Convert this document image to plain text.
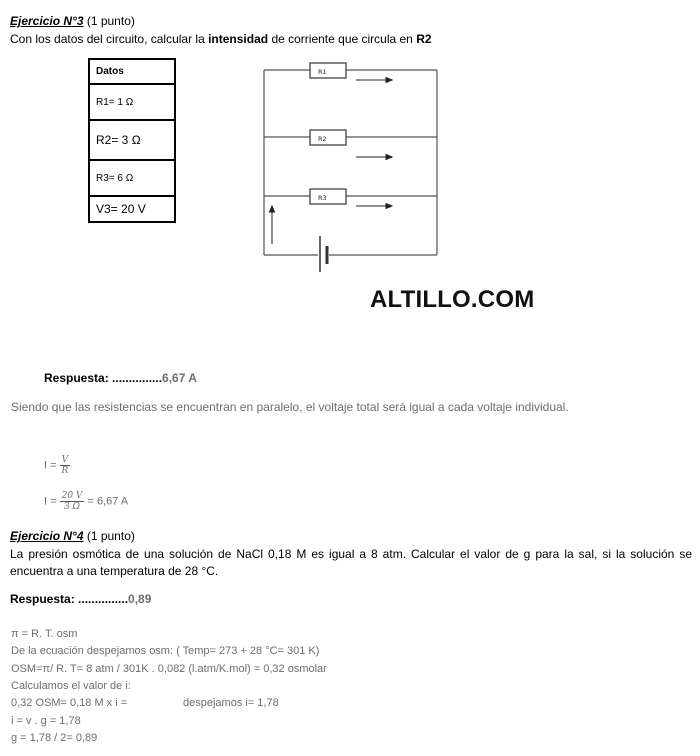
Ejercicio N°3 (1 punto)
Con los datos del circuito, calcular la intensidad de corriente que circula en R2
Datos
R1= 1 Ω
R2= 3 Ω
R3= 6 Ω
V3= 20 V
R1
R2
R3
ALTILLO.COM
Respuesta: ...............6,67 A
Siendo que las resistencias se encuentran en paralelo, el voltaje total será igual a cada voltaje individual.
$I = \frac{V}{R}$
$I = \frac{20 V}{3 \Omega} = 6,67$ A
Ejercicio N°4 (1 punto)
La presión osmótica de una solución de NaCl 0,18 M es igual a 8 atm. Calcular el valor de g para la sal, si la solución se encuentra a una temperatura de 28 °C.
Respuesta: ...............0,89
π = R. T. osm
De la ecuación despejamos osm: ( Temp= 273 + 28 °C= 301 K)
OSM=π/ R. T= 8 atm / 301K . 0,082 (l.atm/K.mol) = 0,32 osmolar
Calculamos el valor de i:
0,32 OSM= 0,18 M x i =	despejamos i= 1,78
i = v . g = 1,78
g = 1,78 / 2= 0,89
